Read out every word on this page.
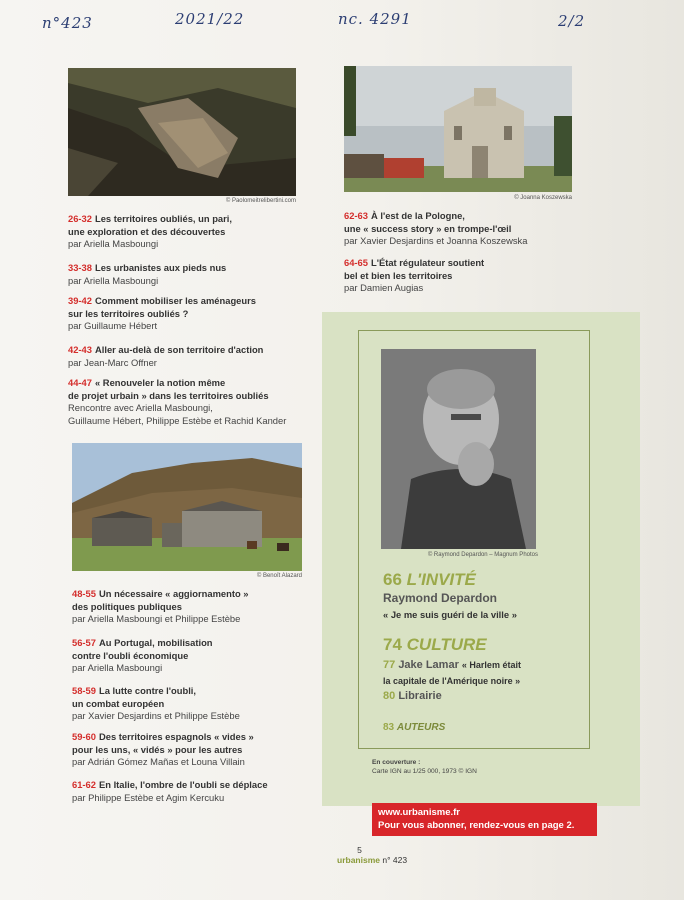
n°423	2021/22	nc. 4291	2/2
© Paolomeitrelibertini.com	© Joanna Koszewska
26-32 Les territoires oubliés, un pari,
une exploration et des découvertes
par Ariella Masboungi
33-38 Les urbanistes aux pieds nus
par Ariella Masboungi
39-42 Comment mobiliser les aménageurs
sur les territoires oubliés ?
par Guillaume Hébert
42-43 Aller au-delà de son territoire d'action
par Jean-Marc Offner
44-47 « Renouveler la notion même
de projet urbain » dans les territoires oubliés
Rencontre avec Ariella Masboungi,
Guillaume Hébert, Philippe Estèbe et Rachid Kander
© Benoît Alazard
48-55 Un nécessaire « aggiornamento »
des politiques publiques
par Ariella Masboungi et Philippe Estèbe
56-57 Au Portugal, mobilisation
contre l'oubli économique
par Ariella Masboungi
58-59 La lutte contre l'oubli,
un combat européen
par Xavier Desjardins et Philippe Estèbe
59-60 Des territoires espagnols « vides »
pour les uns, « vidés » pour les autres
par Adrián Gómez Mañas et Louna Villain
61-62 En Italie, l'ombre de l'oubli se déplace
par Philippe Estèbe et Agim Kercuku
62-63 À l'est de la Pologne,
une « success story » en trompe-l'œil
par Xavier Desjardins et Joanna Koszewska
64-65 L'État régulateur soutient
bel et bien les territoires
par Damien Augias
© Raymond Depardon – Magnum Photos
66 L'INVITÉ
Raymond Depardon
« Je me suis guéri de la ville »
74 CULTURE
77 Jake Lamar « Harlem était
la capitale de l'Amérique noire »
80 Librairie
83 AUTEURS
En couverture :
Carte IGN au 1/25 000, 1973 © IGN
www.urbanisme.fr
Pour vous abonner, rendez-vous en page 2.
5
urbanisme n° 423
